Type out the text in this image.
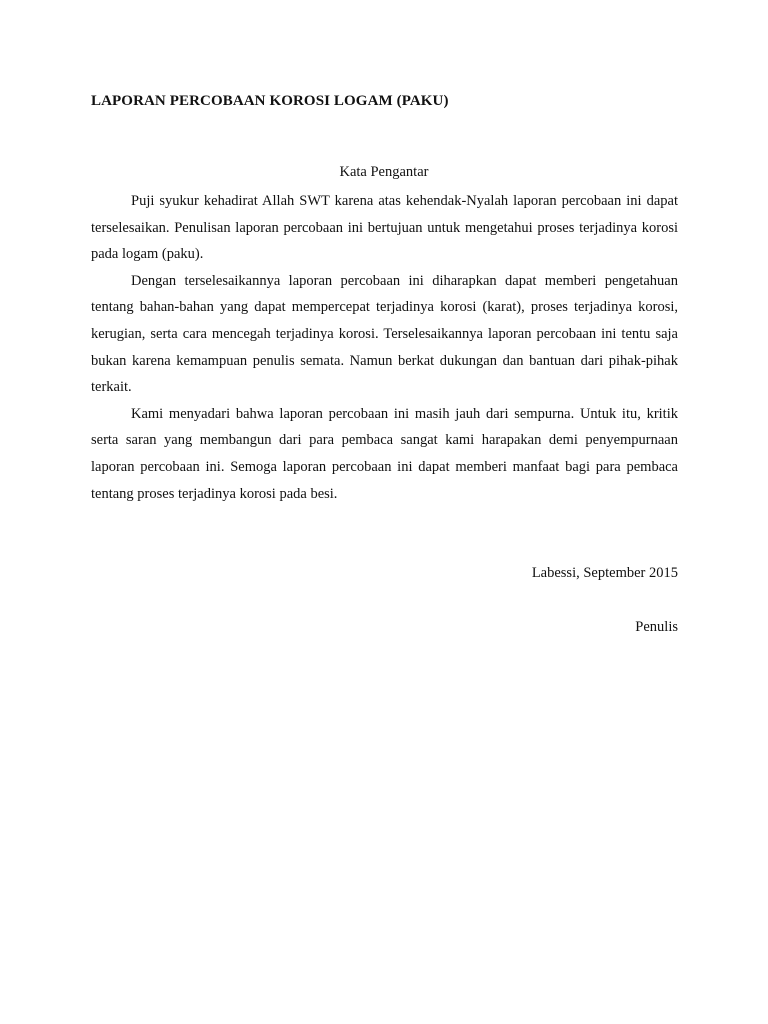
LAPORAN PERCOBAAN KOROSI LOGAM (PAKU)
Kata Pengantar

Puji syukur kehadirat Allah SWT karena atas kehendak-Nyalah laporan percobaan ini dapat terselesaikan. Penulisan laporan percobaan ini bertujuan untuk mengetahui proses terjadinya korosi pada logam (paku).

Dengan terselesaikannya laporan percobaan ini diharapkan dapat memberi pengetahuan tentang bahan-bahan yang dapat mempercepat terjadinya korosi (karat), proses terjadinya korosi, kerugian, serta cara mencegah terjadinya korosi. Terselesaikannya laporan percobaan ini tentu saja bukan karena kemampuan penulis semata. Namun berkat dukungan dan bantuan dari pihak-pihak terkait.

Kami menyadari bahwa laporan percobaan ini masih jauh dari sempurna. Untuk itu, kritik serta saran yang membangun dari para pembaca sangat kami harapakan demi penyempurnaan laporan percobaan ini. Semoga laporan percobaan ini dapat memberi manfaat bagi para pembaca tentang proses terjadinya korosi pada besi.

Labessi, September 2015

Penulis
